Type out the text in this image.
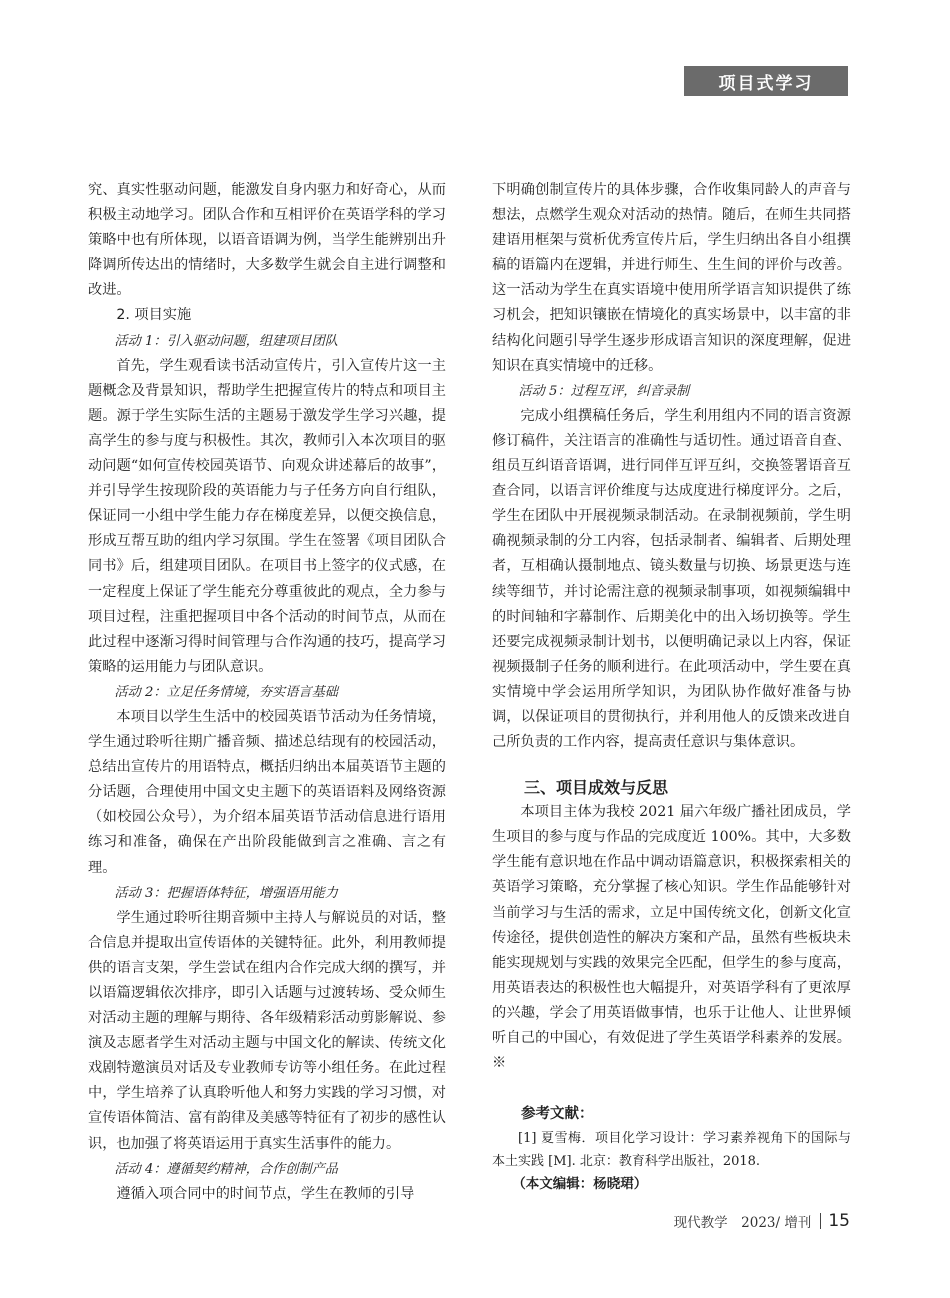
项目式学习

究、真实性驱动问题，能激发自身内驱力和好奇心，从而积极主动地学习。团队合作和互相评价在英语学科的学习策略中也有所体现，以语音语调为例，当学生能辨别出升降调所传达出的情绪时，大多数学生就会自主进行调整和改进。

2. 项目实施

活动 1：引入驱动问题，组建项目团队

首先，学生观看读书活动宣传片，引入宣传片这一主题概念及背景知识，帮助学生把握宣传片的特点和项目主题。源于学生实际生活的主题易于激发学生学习兴趣，提高学生的参与度与积极性。其次，教师引入本次项目的驱动问题“如何宣传校园英语节、向观众讲述幕后的故事”，并引导学生按现阶段的英语能力与子任务方向自行组队，保证同一小组中学生能力存在梯度差异，以便交换信息，形成互帮互助的组内学习氛围。学生在签署《项目团队合同书》后，组建项目团队。在项目书上签字的仪式感，在一定程度上保证了学生能充分尊重彼此的观点，全力参与项目过程，注重把握项目中各个活动的时间节点，从而在此过程中逐渐习得时间管理与合作沟通的技巧，提高学习策略的运用能力与团队意识。

活动 2：立足任务情境，夯实语言基础

本项目以学生生活中的校园英语节活动为任务情境，学生通过聆听往期广播音频、描述总结现有的校园活动，总结出宣传片的用语特点，概括归纳出本届英语节主题的分话题，合理使用中国文史主题下的英语语料及网络资源（如校园公众号），为介绍本届英语节活动信息进行语用练习和准备，确保在产出阶段能做到言之准确、言之有理。

活动 3：把握语体特征，增强语用能力

学生通过聆听往期音频中主持人与解说员的对话，整合信息并提取出宣传语体的关键特征。此外，利用教师提供的语言支架，学生尝试在组内合作完成大纲的撰写，并以语篇逻辑依次排序，即引入话题与过渡转场、受众师生对活动主题的理解与期待、各年级精彩活动剪影解说、参演及志愿者学生对活动主题与中国文化的解读、传统文化戏剧特邀演员对话及专业教师专访等小组任务。在此过程中，学生培养了认真聆听他人和努力实践的学习习惯，对宣传语体简洁、富有韵律及美感等特征有了初步的感性认识，也加强了将英语运用于真实生活事件的能力。

活动 4：遵循契约精神，合作创制产品

遵循入项合同中的时间节点，学生在教师的引导

下明确创制宣传片的具体步骤，合作收集同龄人的声音与想法，点燃学生观众对活动的热情。随后，在师生共同搭建语用框架与赏析优秀宣传片后，学生归纳出各自小组撰稿的语篇内在逻辑，并进行师生、生生间的评价与改善。这一活动为学生在真实语境中使用所学语言知识提供了练习机会，把知识镶嵌在情境化的真实场景中，以丰富的非结构化问题引导学生逐步形成语言知识的深度理解，促进知识在真实情境中的迁移。

活动 5：过程互评，纠音录制

完成小组撰稿任务后，学生利用组内不同的语言资源修订稿件，关注语言的准确性与适切性。通过语音自查、组员互纠语音语调，进行同伴互评互纠，交换签署语音互查合同，以语言评价维度与达成度进行梯度评分。之后，学生在团队中开展视频录制活动。在录制视频前，学生明确视频录制的分工内容，包括录制者、编辑者、后期处理者，互相确认摄制地点、镜头数量与切换、场景更迭与连续等细节，并讨论需注意的视频录制事项，如视频编辑中的时间轴和字幕制作、后期美化中的出入场切换等。学生还要完成视频录制计划书，以便明确记录以上内容，保证视频摄制子任务的顺利进行。在此项活动中，学生要在真实情境中学会运用所学知识，为团队协作做好准备与协调，以保证项目的贯彻执行，并利用他人的反馈来改进自己所负责的工作内容，提高责任意识与集体意识。

三、项目成效与反思

本项目主体为我校 2021 届六年级广播社团成员，学生项目的参与度与作品的完成度近 100%。其中，大多数学生能有意识地在作品中调动语篇意识，积极探索相关的英语学习策略，充分掌握了核心知识。学生作品能够针对当前学习与生活的需求，立足中国传统文化，创新文化宣传途径，提供创造性的解决方案和产品，虽然有些板块未能实现规划与实践的效果完全匹配，但学生的参与度高，用英语表达的积极性也大幅提升，对英语学科有了更浓厚的兴趣，学会了用英语做事情，也乐于让他人、让世界倾听自己的中国心，有效促进了学生英语学科素养的发展。※

参考文献：

[1] 夏雪梅．项目化学习设计：学习素养视角下的国际与本土实践 [M]. 北京：教育科学出版社，2018.

（本文编辑：杨晓珺）

现代教学　2023/ 增刊 15
